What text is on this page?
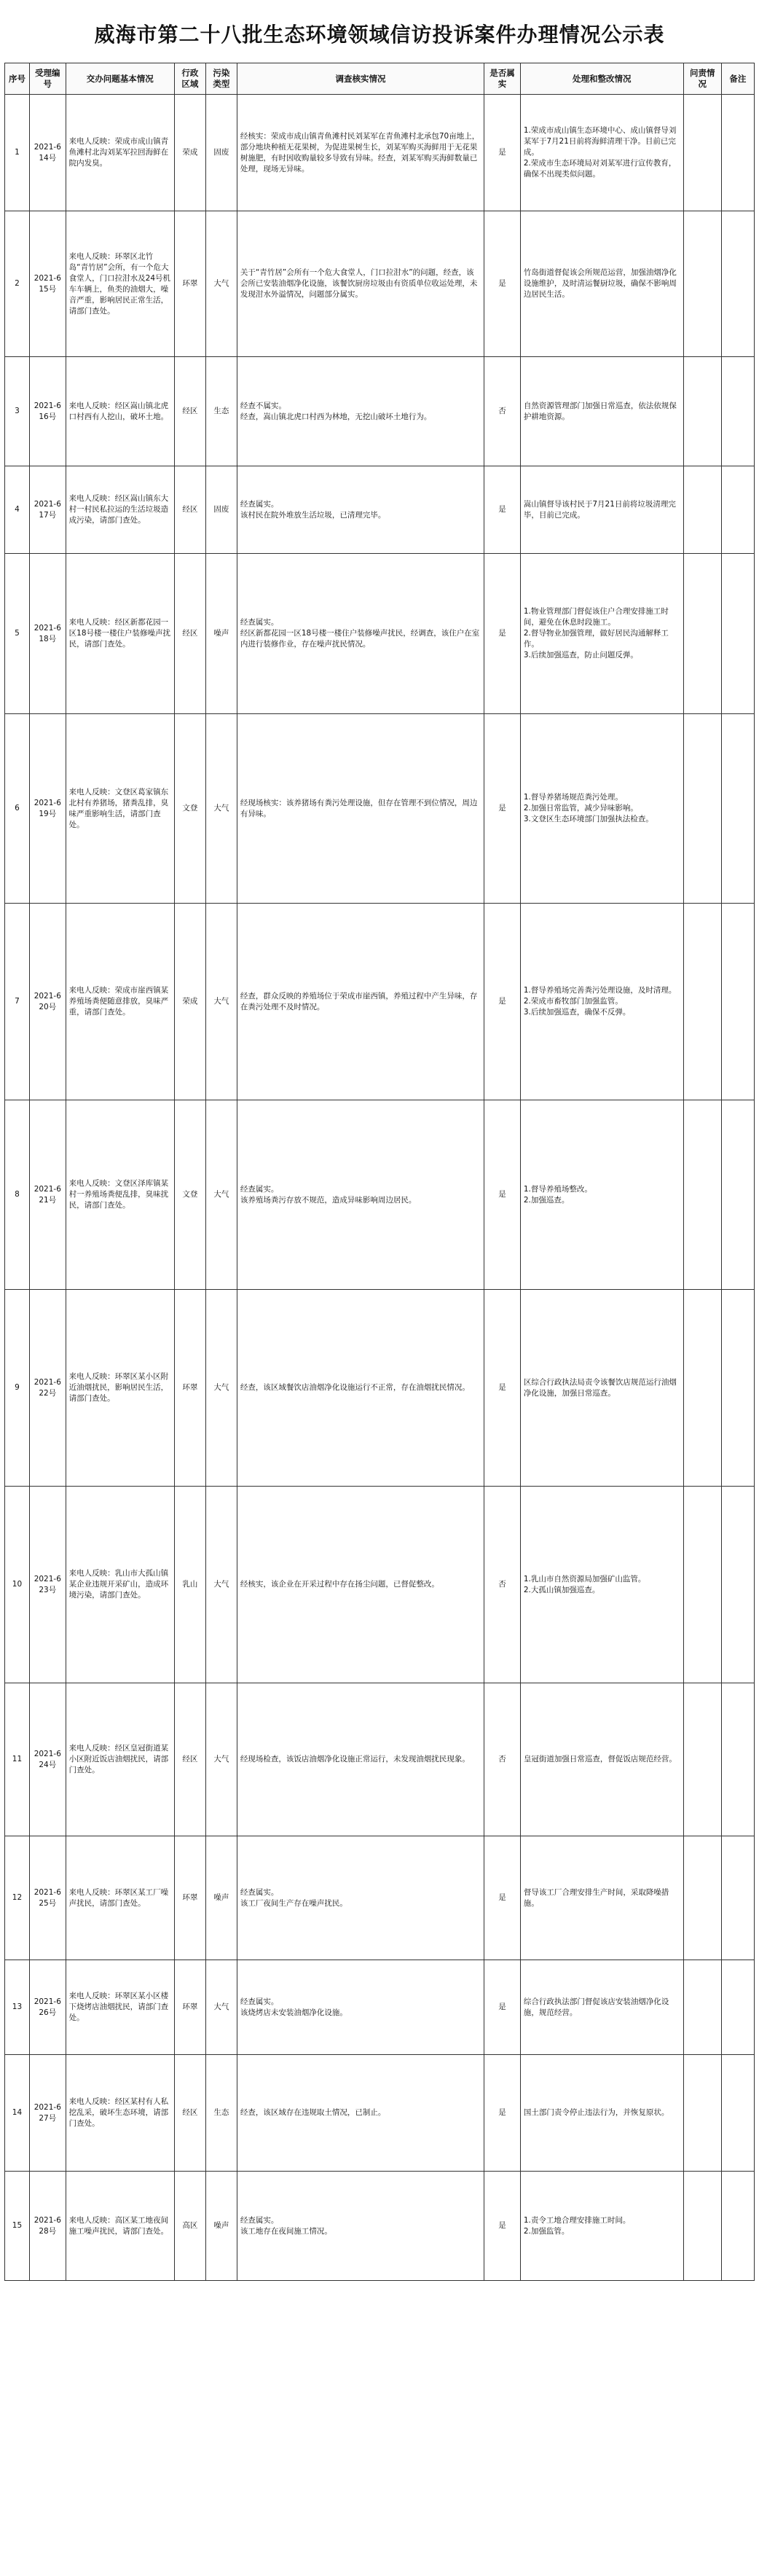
威海市第二十八批生态环境领域信访投诉案件办理情况公示表
序号	受理编号	交办问题基本情况	行政区域	污染类型	调查核实情况	是否属实	处理和整改情况	问责情况	备注
1	2021-614号	来电人反映：荣成市成山镇青鱼滩村北沟刘某军拉回海鲜在院内发臭。	荣成	固废	经核实：荣成市成山镇青鱼滩村民刘某军在青鱼滩村北承包70亩地上，部分地块种植无花果树，为促进果树生长，刘某军购买海鲜用于无花果树施肥，有时因收购量较多导致有异味。经查，刘某军购买海鲜数量已处理，现场无异味。	是	1.荣成市成山镇生态环境中心、成山镇督导刘某军于7月21日前将海鲜清理干净。目前已完成。
2.荣成市生态环境局对刘某军进行宣传教育，确保不出现类似问题。		
2	2021-615号	来电人反映：环翠区北竹岛“青竹居”会所，有一个危大食堂人，门口拉泔水及24号机车车辆上，鱼类的油烟大，噪音严重，影响居民正常生活，请部门查处。	环翠	大气	关于“青竹居”会所有一个危大食堂人，门口拉泔水”的问题，经查，该会所已安装油烟净化设施，该餐饮厨房垃圾由有资质单位收运处理，未发现泔水外溢情况，问题部分属实。	是	竹岛街道督促该会所规范运营，加强油烟净化设施维护，及时清运餐厨垃圾，确保不影响周边居民生活。		
3	2021-616号	来电人反映：经区嵩山镇北虎口村西有人挖山，破坏土地。	经区	生态	经查不属实。
经查，嵩山镇北虎口村西为林地，无挖山破坏土地行为。	否	自然资源管理部门加强日常巡查，依法依规保护耕地资源。		
4	2021-617号	来电人反映：经区嵩山镇东大村一村民私拉运的生活垃圾造成污染，请部门查处。	经区	固废	经查属实。
该村民在院外堆放生活垃圾，已清理完毕。	是	嵩山镇督导该村民于7月21日前将垃圾清理完毕，目前已完成。		
5	2021-618号	来电人反映：经区新都花园一区18号楼一楼住户装修噪声扰民，请部门查处。	经区	噪声	经查属实。
经区新都花园一区18号楼一楼住户装修噪声扰民，经调查，该住户在室内进行装修作业，存在噪声扰民情况。	是	1.物业管理部门督促该住户合理安排施工时间，避免在休息时段施工。
2.督导物业加强管理，做好居民沟通解释工作。
3.后续加强巡查，防止问题反弹。		
6	2021-619号	来电人反映：文登区葛家镇东北村有养猪场，猪粪乱排，臭味严重影响生活，请部门查处。	文登	大气	经现场核实：该养猪场有粪污处理设施，但存在管理不到位情况，周边有异味。	是	1.督导养猪场规范粪污处理。
2.加强日常监管，减少异味影响。
3.文登区生态环境部门加强执法检查。		
7	2021-620号	来电人反映：荣成市崖西镇某养殖场粪便随意排放，臭味严重，请部门查处。	荣成	大气	经查，群众反映的养殖场位于荣成市崖西镇，养殖过程中产生异味，存在粪污处理不及时情况。	是	1.督导养殖场完善粪污处理设施，及时清理。
2.荣成市畜牧部门加强监管。
3.后续加强巡查，确保不反弹。		
8	2021-621号	来电人反映：文登区泽库镇某村一养殖场粪便乱排，臭味扰民，请部门查处。	文登	大气	经查属实。
该养殖场粪污存放不规范，造成异味影响周边居民。	是	1.督导养殖场整改。
2.加强巡查。		
9	2021-622号	来电人反映：环翠区某小区附近油烟扰民，影响居民生活，请部门查处。	环翠	大气	经查，该区域餐饮店油烟净化设施运行不正常，存在油烟扰民情况。	是	区综合行政执法局责令该餐饮店规范运行油烟净化设施，加强日常巡查。		
10	2021-623号	来电人反映：乳山市大孤山镇某企业违规开采矿山，造成环境污染，请部门查处。	乳山	大气	经核实，该企业在开采过程中存在扬尘问题，已督促整改。	否	1.乳山市自然资源局加强矿山监管。
2.大孤山镇加强巡查。		
11	2021-624号	来电人反映：经区皇冠街道某小区附近饭店油烟扰民，请部门查处。	经区	大气	经现场检查，该饭店油烟净化设施正常运行，未发现油烟扰民现象。	否	皇冠街道加强日常巡查，督促饭店规范经营。		
12	2021-625号	来电人反映：环翠区某工厂噪声扰民，请部门查处。	环翠	噪声	经查属实。
该工厂夜间生产存在噪声扰民。	是	督导该工厂合理安排生产时间，采取降噪措施。		
13	2021-626号	来电人反映：环翠区某小区楼下烧烤店油烟扰民，请部门查处。	环翠	大气	经查属实。
该烧烤店未安装油烟净化设施。	是	综合行政执法部门督促该店安装油烟净化设施，规范经营。		
14	2021-627号	来电人反映：经区某村有人私挖乱采，破坏生态环境，请部门查处。	经区	生态	经查，该区域存在违规取土情况，已制止。	是	国土部门责令停止违法行为，并恢复原状。		
15	2021-628号	来电人反映：高区某工地夜间施工噪声扰民，请部门查处。	高区	噪声	经查属实。
该工地存在夜间施工情况。	是	1.责令工地合理安排施工时间。
2.加强监管。		
